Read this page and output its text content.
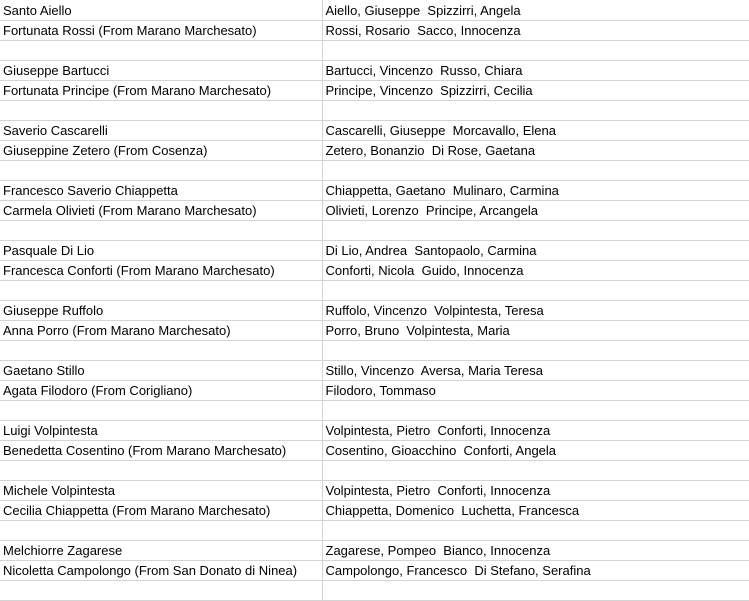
Santo Aiello	Aiello, Giuseppe  Spizzirri, Angela
Fortunata Rossi (From Marano Marchesato)	Rossi, Rosario  Sacco, Innocenza

Giuseppe Bartucci	Bartucci, Vincenzo  Russo, Chiara
Fortunata Principe (From Marano Marchesato)	Principe, Vincenzo  Spizzirri, Cecilia

Saverio Cascarelli	Cascarelli, Giuseppe  Morcavallo, Elena
Giuseppine Zetero (From Cosenza)	Zetero, Bonanzio  Di Rose, Gaetana

Francesco Saverio Chiappetta	Chiappetta, Gaetano  Mulinaro, Carmina
Carmela Olivieti (From Marano Marchesato)	Olivieti, Lorenzo  Principe, Arcangela

Pasquale Di Lio	Di Lio, Andrea  Santopaolo, Carmina
Francesca Conforti (From Marano Marchesato)	Conforti, Nicola  Guido, Innocenza

Giuseppe Ruffolo	Ruffolo, Vincenzo  Volpintesta, Teresa
Anna Porro (From Marano Marchesato)	Porro, Bruno  Volpintesta, Maria

Gaetano Stillo	Stillo, Vincenzo  Aversa, Maria Teresa
Agata Filodoro (From Corigliano)	Filodoro, Tommaso

Luigi Volpintesta	Volpintesta, Pietro  Conforti, Innocenza
Benedetta Cosentino (From Marano Marchesato)	Cosentino, Gioacchino  Conforti, Angela

Michele Volpintesta	Volpintesta, Pietro  Conforti, Innocenza
Cecilia Chiappetta (From Marano Marchesato)	Chiappetta, Domenico  Luchetta, Francesca

Melchiorre Zagarese	Zagarese, Pompeo  Bianco, Innocenza
Nicoletta Campolongo (From San Donato di Ninea)	Campolongo, Francesco  Di Stefano, Serafina
